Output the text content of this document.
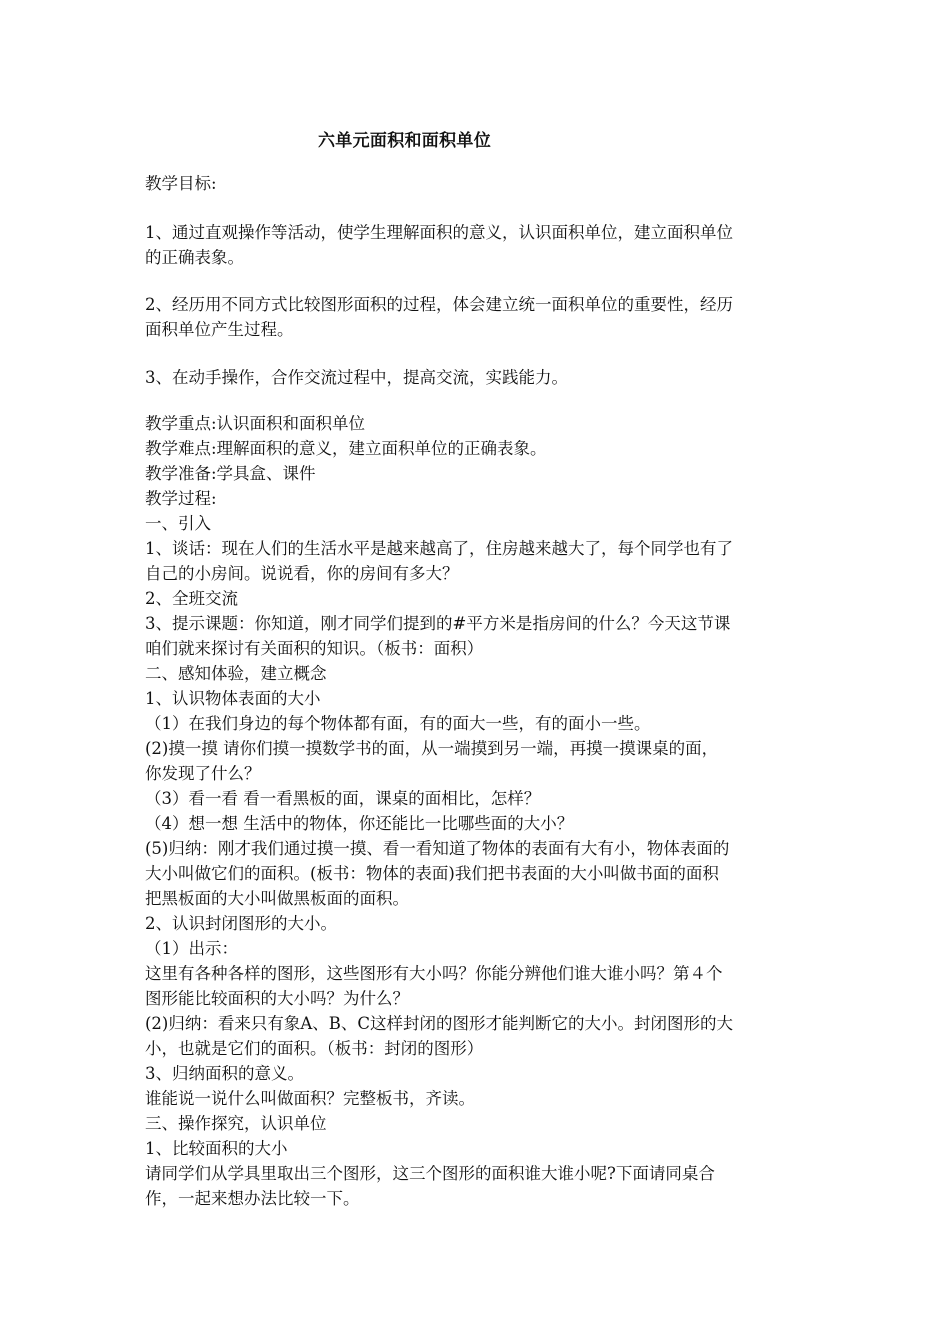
六单元面积和面积单位
教学目标:
1、通过直观操作等活动，使学生理解面积的意义，认识面积单位，建立面积单位
的正确表象。
2、经历用不同方式比较图形面积的过程，体会建立统一面积单位的重要性，经历
面积单位产生过程。
3、在动手操作，合作交流过程中，提高交流，实践能力。
教学重点:认识面积和面积单位
教学难点:理解面积的意义，建立面积单位的正确表象。
教学准备:学具盒、课件
教学过程:
一、引入
1、谈话：现在人们的生活水平是越来越高了，住房越来越大了，每个同学也有了
自己的小房间。说说看，你的房间有多大？
2、全班交流
3、提示课题：你知道，刚才同学们提到的#平方米是指房间的什么？今天这节课
咱们就来探讨有关面积的知识。（板书：面积）
二、感知体验，建立概念
1、认识物体表面的大小
（1）在我们身边的每个物体都有面，有的面大一些，有的面小一些。
(2)摸一摸 请你们摸一摸数学书的面，从一端摸到另一端，再摸一摸课桌的面，
你发现了什么？
（3）看一看 看一看黑板的面，课桌的面相比，怎样？
（4）想一想 生活中的物体，你还能比一比哪些面的大小？
(5)归纳：刚才我们通过摸一摸、看一看知道了物体的表面有大有小，物体表面的
大小叫做它们的面积。(板书：物体的表面)我们把书表面的大小叫做书面的面积
把黑板面的大小叫做黑板面的面积。
2、认识封闭图形的大小。
（1）出示：
这里有各种各样的图形，这些图形有大小吗？你能分辨他们谁大谁小吗？第４个
图形能比较面积的大小吗？为什么？
(2)归纳：看来只有象A、B、C这样封闭的图形才能判断它的大小。封闭图形的大
小，也就是它们的面积。（板书：封闭的图形）
3、归纳面积的意义。
谁能说一说什么叫做面积？完整板书，齐读。
三、操作探究，认识单位
1、比较面积的大小
请同学们从学具里取出三个图形，这三个图形的面积谁大谁小呢?下面请同桌合
作，一起来想办法比较一下。
